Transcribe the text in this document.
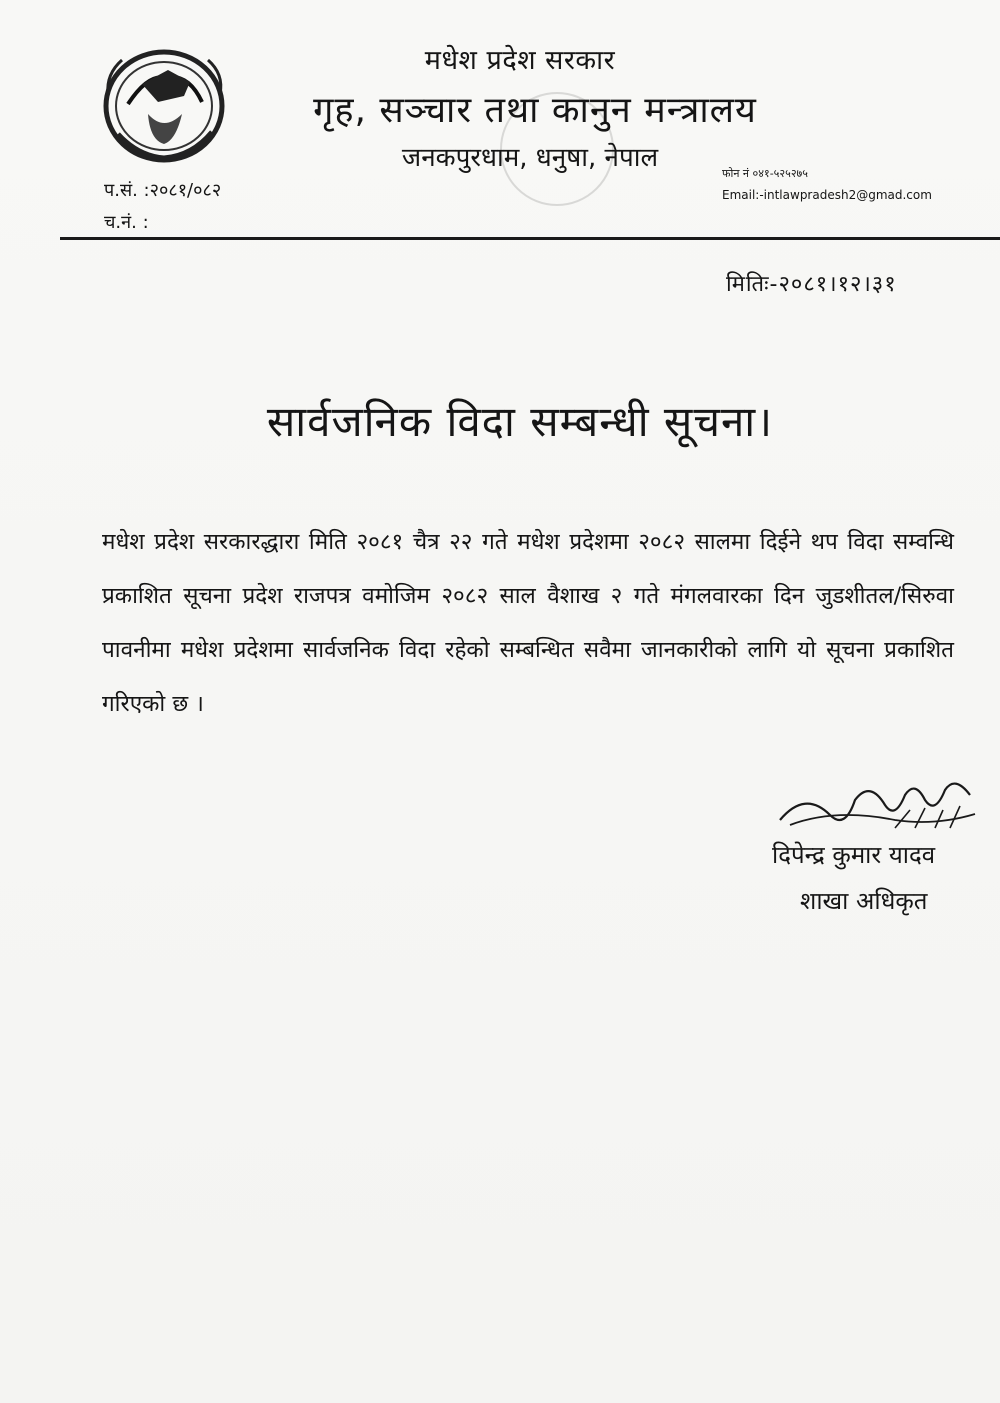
मधेश प्रदेश सरकार
गृह, सञ्चार तथा कानुन मन्त्रालय
जनकपुरधाम, धनुषा, नेपाल
प.सं. :२०८१/०८२
च.नं. :
फोन नं ०४१-५२५२७५
Email:-intlawpradesh2@gmad.com
मितिः-२०८१।१२।३१
सार्वजनिक विदा सम्बन्धी सूचना।
मधेश प्रदेश सरकारद्धारा मिति २०८१ चैत्र २२ गते मधेश प्रदेशमा २०८२ सालमा दिईने थप विदा सम्वन्धि प्रकाशित सूचना प्रदेश राजपत्र वमोजिम २०८२ साल वैशाख २ गते मंगलवारका दिन जुडशीतल/सिरुवा पावनीमा मधेश प्रदेशमा सार्वजनिक विदा रहेको सम्बन्धित सवैमा जानकारीको लागि यो सूचना प्रकाशित
गरिएको छ ।
दिपेन्द्र कुमार यादव
शाखा अधिकृत
